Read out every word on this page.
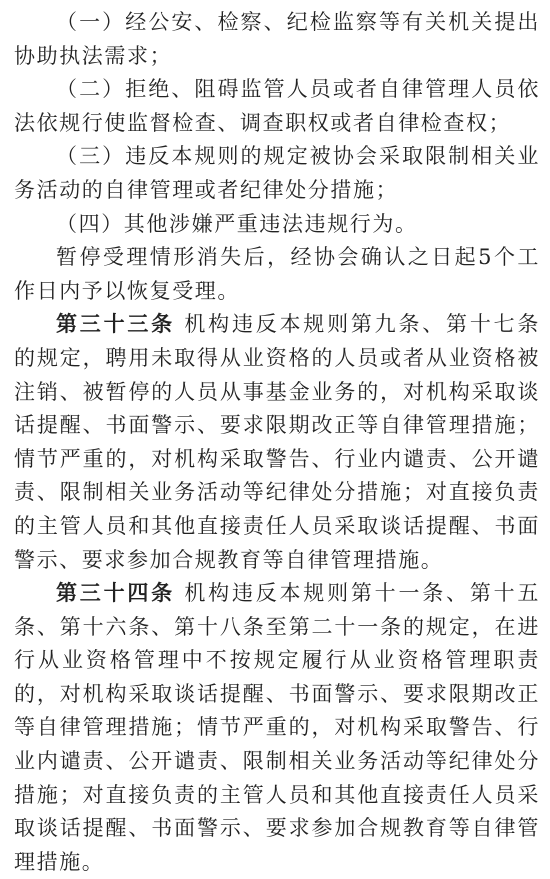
（一）经公安、检察、纪检监察等有关机关提出协助执法需求；

（二）拒绝、阻碍监管人员或者自律管理人员依法依规行使监督检查、调查职权或者自律检查权；

（三）违反本规则的规定被协会采取限制相关业务活动的自律管理或者纪律处分措施；

（四）其他涉嫌严重违法违规行为。

暂停受理情形消失后，经协会确认之日起5个工作日内予以恢复受理。

第三十三条 机构违反本规则第九条、第十七条的规定，聘用未取得从业资格的人员或者从业资格被注销、被暂停的人员从事基金业务的，对机构采取谈话提醒、书面警示、要求限期改正等自律管理措施；情节严重的，对机构采取警告、行业内谴责、公开谴责、限制相关业务活动等纪律处分措施；对直接负责的主管人员和其他直接责任人员采取谈话提醒、书面警示、要求参加合规教育等自律管理措施。

第三十四条 机构违反本规则第十一条、第十五条、第十六条、第十八条至第二十一条的规定，在进行从业资格管理中不按规定履行从业资格管理职责的，对机构采取谈话提醒、书面警示、要求限期改正等自律管理措施；情节严重的，对机构采取警告、行业内谴责、公开谴责、限制相关业务活动等纪律处分措施；对直接负责的主管人员和其他直接责任人员采取谈话提醒、书面警示、要求参加合规教育等自律管理措施。
